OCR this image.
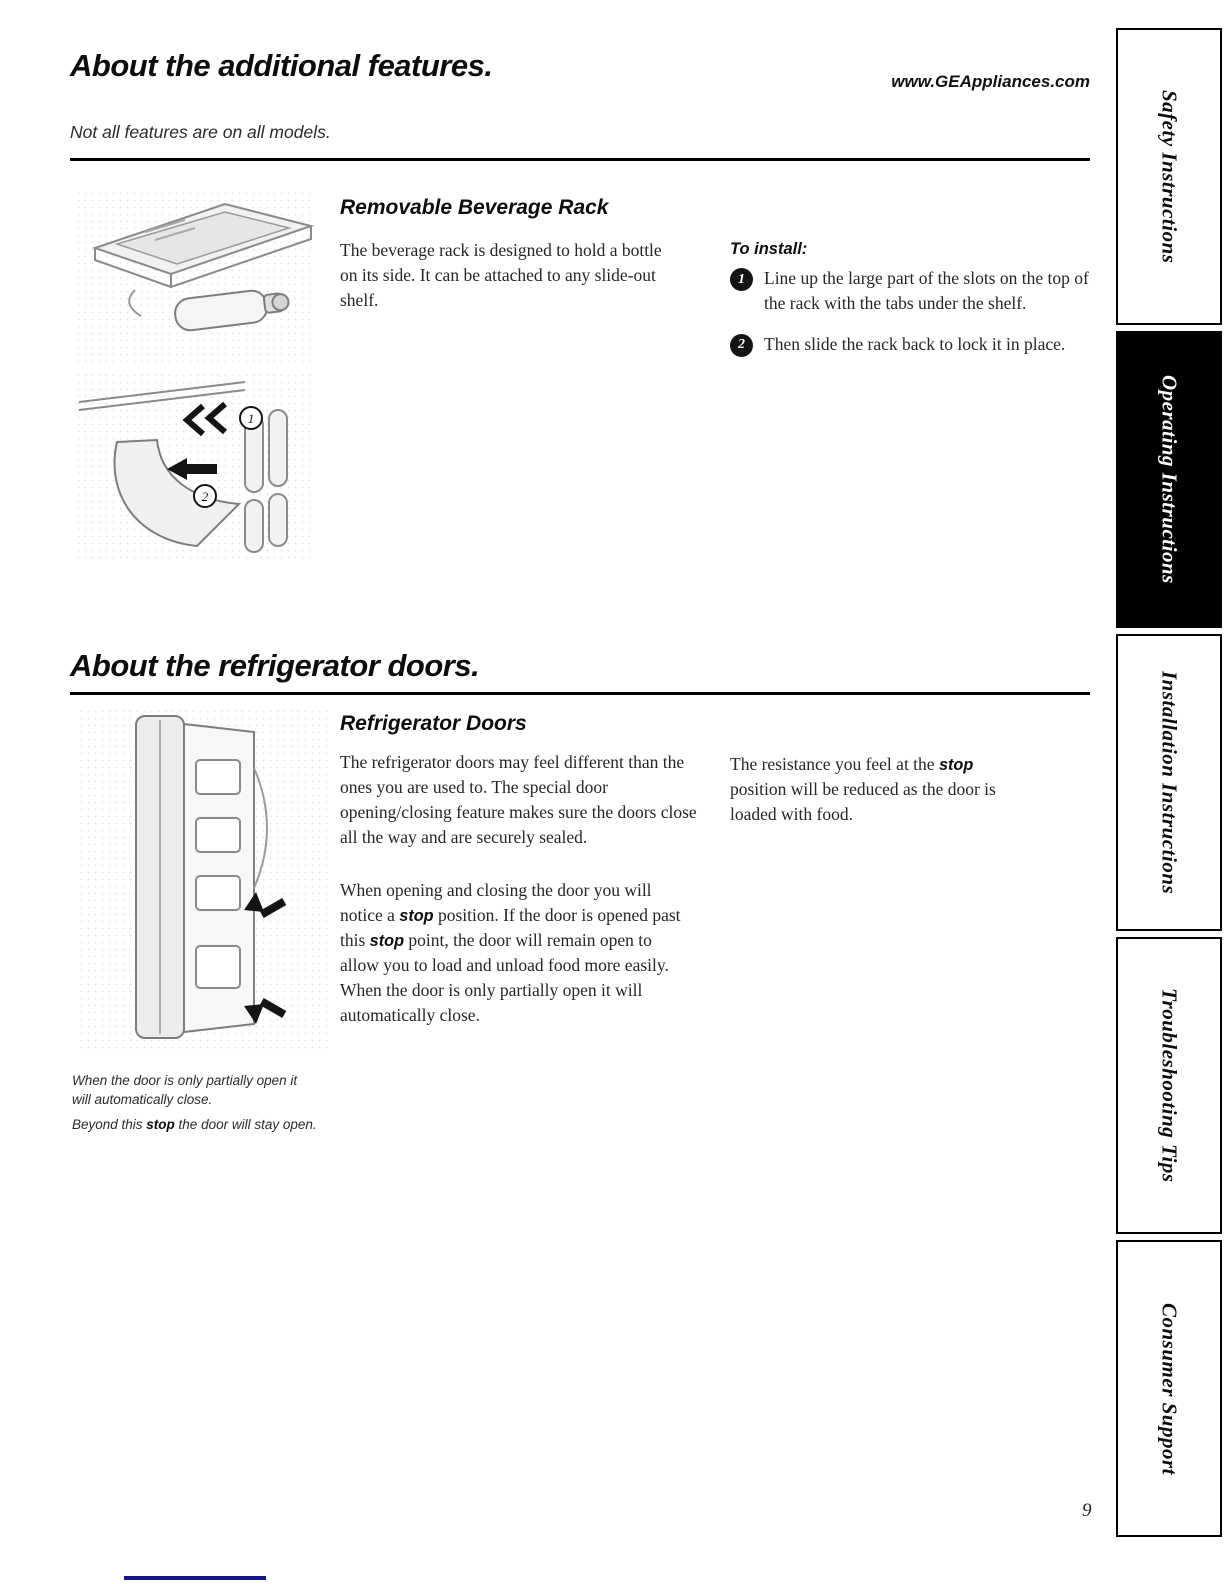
About the additional features.	www.GEAppliances.com
Not all features are on all models.
1
2
Removable Beverage Rack

The beverage rack is designed to hold a bottle on its side. It can be attached to any slide-out shelf.

To install:
1	Line up the large part of the slots on the top of the rack with the tabs under the shelf.
2	Then slide the rack back to lock it in place.
About the refrigerator doors.
Refrigerator Doors

The refrigerator doors may feel different than the ones you are used to. The special door opening/closing feature makes sure the doors close all the way and are securely sealed.

When opening and closing the door you will notice a stop position. If the door is opened past this stop point, the door will remain open to allow you to load and unload food more easily. When the door is only partially open it will automatically close.

The resistance you feel at the stop position will be reduced as the door is loaded with food.

When the door is only partially open it will automatically close.

Beyond this stop the door will stay open.

Safety Instructions
Operating Instructions
Installation Instructions
Troubleshooting Tips
Consumer Support
9
